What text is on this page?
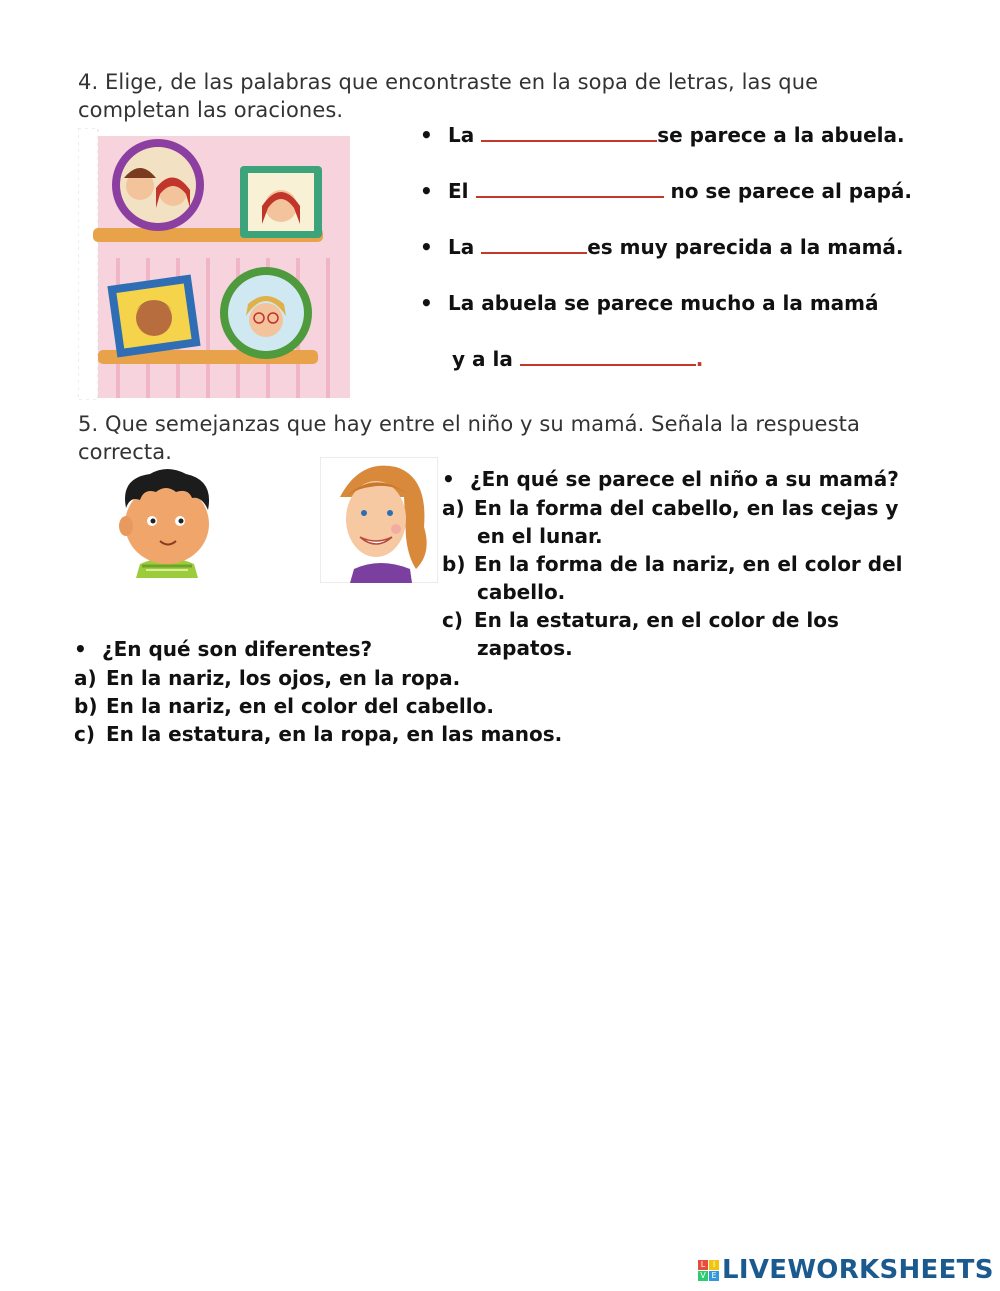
4. Elige, de las palabras que encontraste en la sopa de letras, las que
completan las oraciones.
• La	se parece a la abuela.
• El	no se parece al papá.
• La	es muy parecida a la mamá.
• La abuela se parece mucho a la mamá
y a la	.
5. Que semejanzas que hay entre el niño y su mamá. Señala la respuesta
correcta.
• ¿En qué se parece el niño a su mamá?
a) En la forma del cabello, en las cejas y
en el lunar.
b) En la forma de la nariz, en el color del
cabello.
c) En la estatura, en el color de los
zapatos.
• ¿En qué son diferentes?
a) En la nariz, los ojos, en la ropa.
b) En la nariz, en el color del cabello.
c) En la estatura, en la ropa, en las manos.
L I
V E LIVEWORKSHEETS
